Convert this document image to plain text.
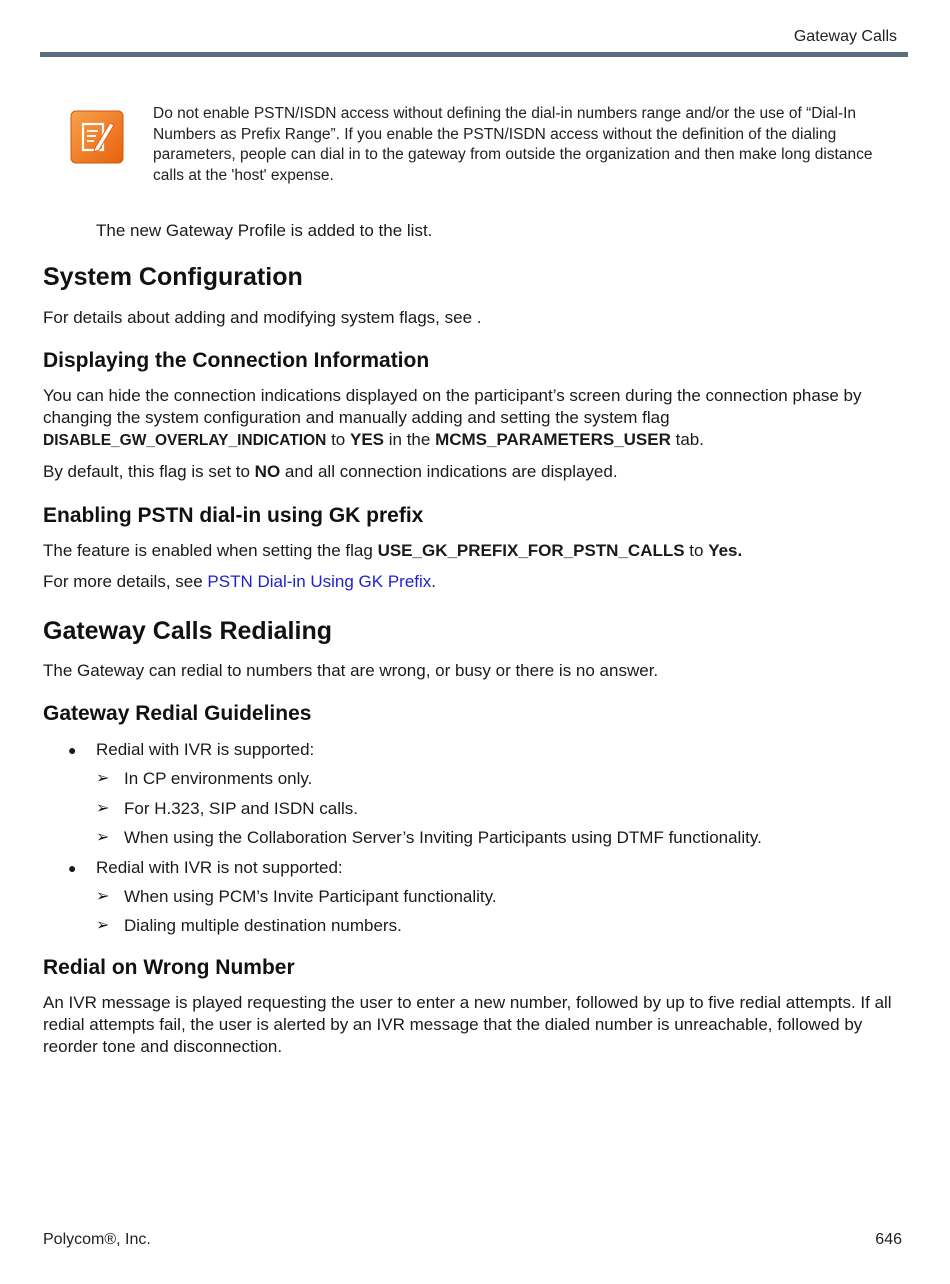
Gateway Calls
Do not enable PSTN/ISDN access without defining the dial-in numbers range and/or the use of “Dial-In Numbers as Prefix Range”. If you enable the PSTN/ISDN access without the definition of the dialing parameters, people can dial in to the gateway from outside the organization and then make long distance calls at the 'host' expense.
The new Gateway Profile is added to the list.
System Configuration
For details about adding and modifying system flags, see .
Displaying the Connection Information
You can hide the connection indications displayed on the participant’s screen during the connection phase by changing the system configuration and manually adding and setting the system flag
DISABLE_GW_OVERLAY_INDICATION to YES in the MCMS_PARAMETERS_USER tab.
By default, this flag is set to NO and all connection indications are displayed.
Enabling PSTN dial-in using GK prefix
The feature is enabled when setting the flag USE_GK_PREFIX_FOR_PSTN_CALLS to Yes.
For more details, see PSTN Dial-in Using GK Prefix.
Gateway Calls Redialing
The Gateway can redial to numbers that are wrong, or busy or there is no answer.
Gateway Redial Guidelines
● Redial with IVR is supported:
➢ In CP environments only.
➢ For H.323, SIP and ISDN calls.
➢ When using the Collaboration Server’s Inviting Participants using DTMF functionality.
● Redial with IVR is not supported:
➢ When using PCM’s Invite Participant functionality.
➢ Dialing multiple destination numbers.
Redial on Wrong Number
An IVR message is played requesting the user to enter a new number, followed by up to five redial attempts. If all redial attempts fail, the user is alerted by an IVR message that the dialed number is unreachable, followed by reorder tone and disconnection.
Polycom®, Inc.	646
